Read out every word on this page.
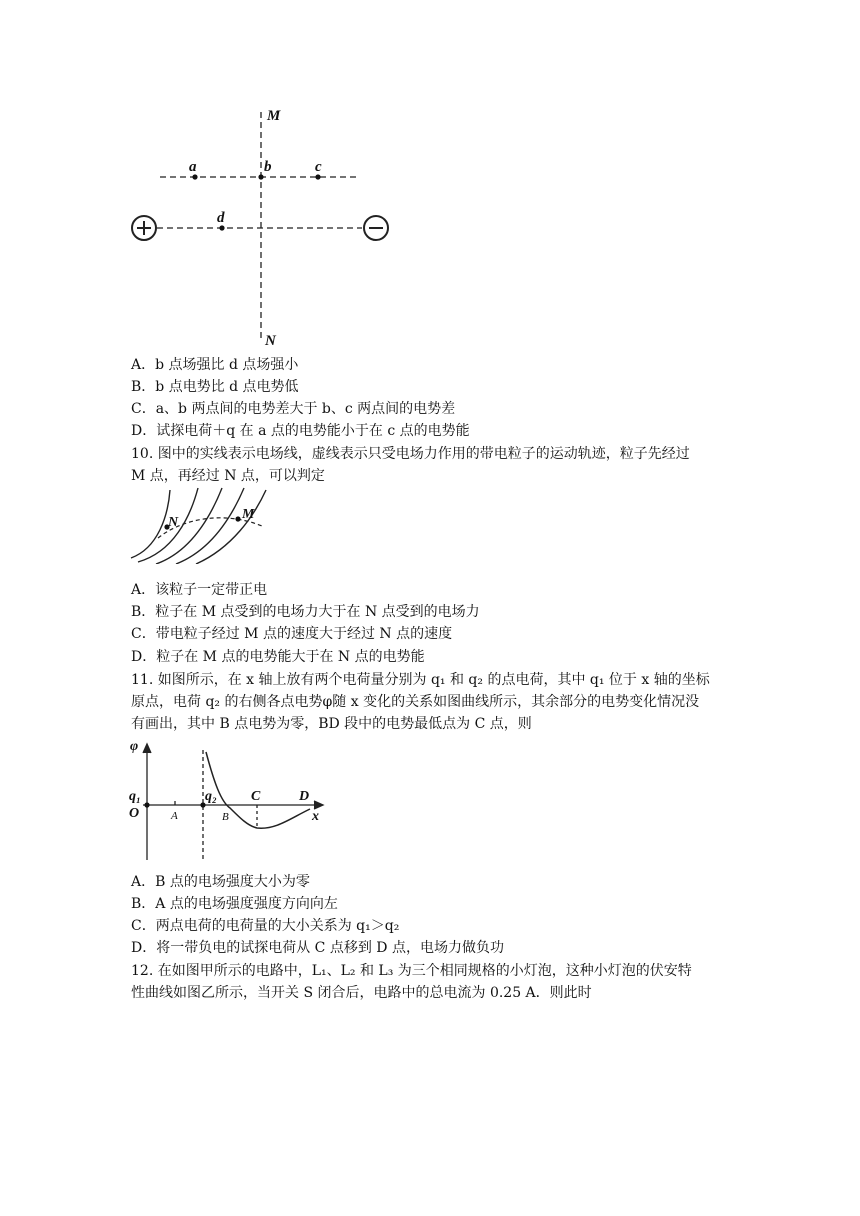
M
N
a	b	c
d
A．b 点场强比 d 点场强小
B．b 点电势比 d 点电势低
C．a、b 两点间的电势差大于 b、c 两点间的电势差
D．试探电荷＋q 在 a 点的电势能小于在 c 点的电势能
10. 图中的实线表示电场线，虚线表示只受电场力作用的带电粒子的运动轨迹，粒子先经过
M 点，再经过 N 点，可以判定
N
M
A．该粒子一定带正电
B．粒子在 M 点受到的电场力大于在 N 点受到的电场力
C．带电粒子经过 M 点的速度大于经过 N 点的速度
D．粒子在 M 点的电势能大于在 N 点的电势能
11. 如图所示，在 x 轴上放有两个电荷量分别为 q₁ 和 q₂ 的点电荷，其中 q₁ 位于 x 轴的坐标
原点，电荷 q₂ 的右侧各点电势φ随 x 变化的关系如图曲线所示，其余部分的电势变化情况没
有画出，其中 B 点电势为零，BD 段中的电势最低点为 C 点，则
φ
q₁
O
q₂ C	D
x
A	B
A．B 点的电场强度大小为零
B．A 点的电场强度强度方向向左
C．两点电荷的电荷量的大小关系为 q₁＞q₂
D．将一带负电的试探电荷从 C 点移到 D 点，电场力做负功
12. 在如图甲所示的电路中，L₁、L₂ 和 L₃ 为三个相同规格的小灯泡，这种小灯泡的伏安特
性曲线如图乙所示，当开关 S 闭合后，电路中的总电流为 0.25 A．则此时
